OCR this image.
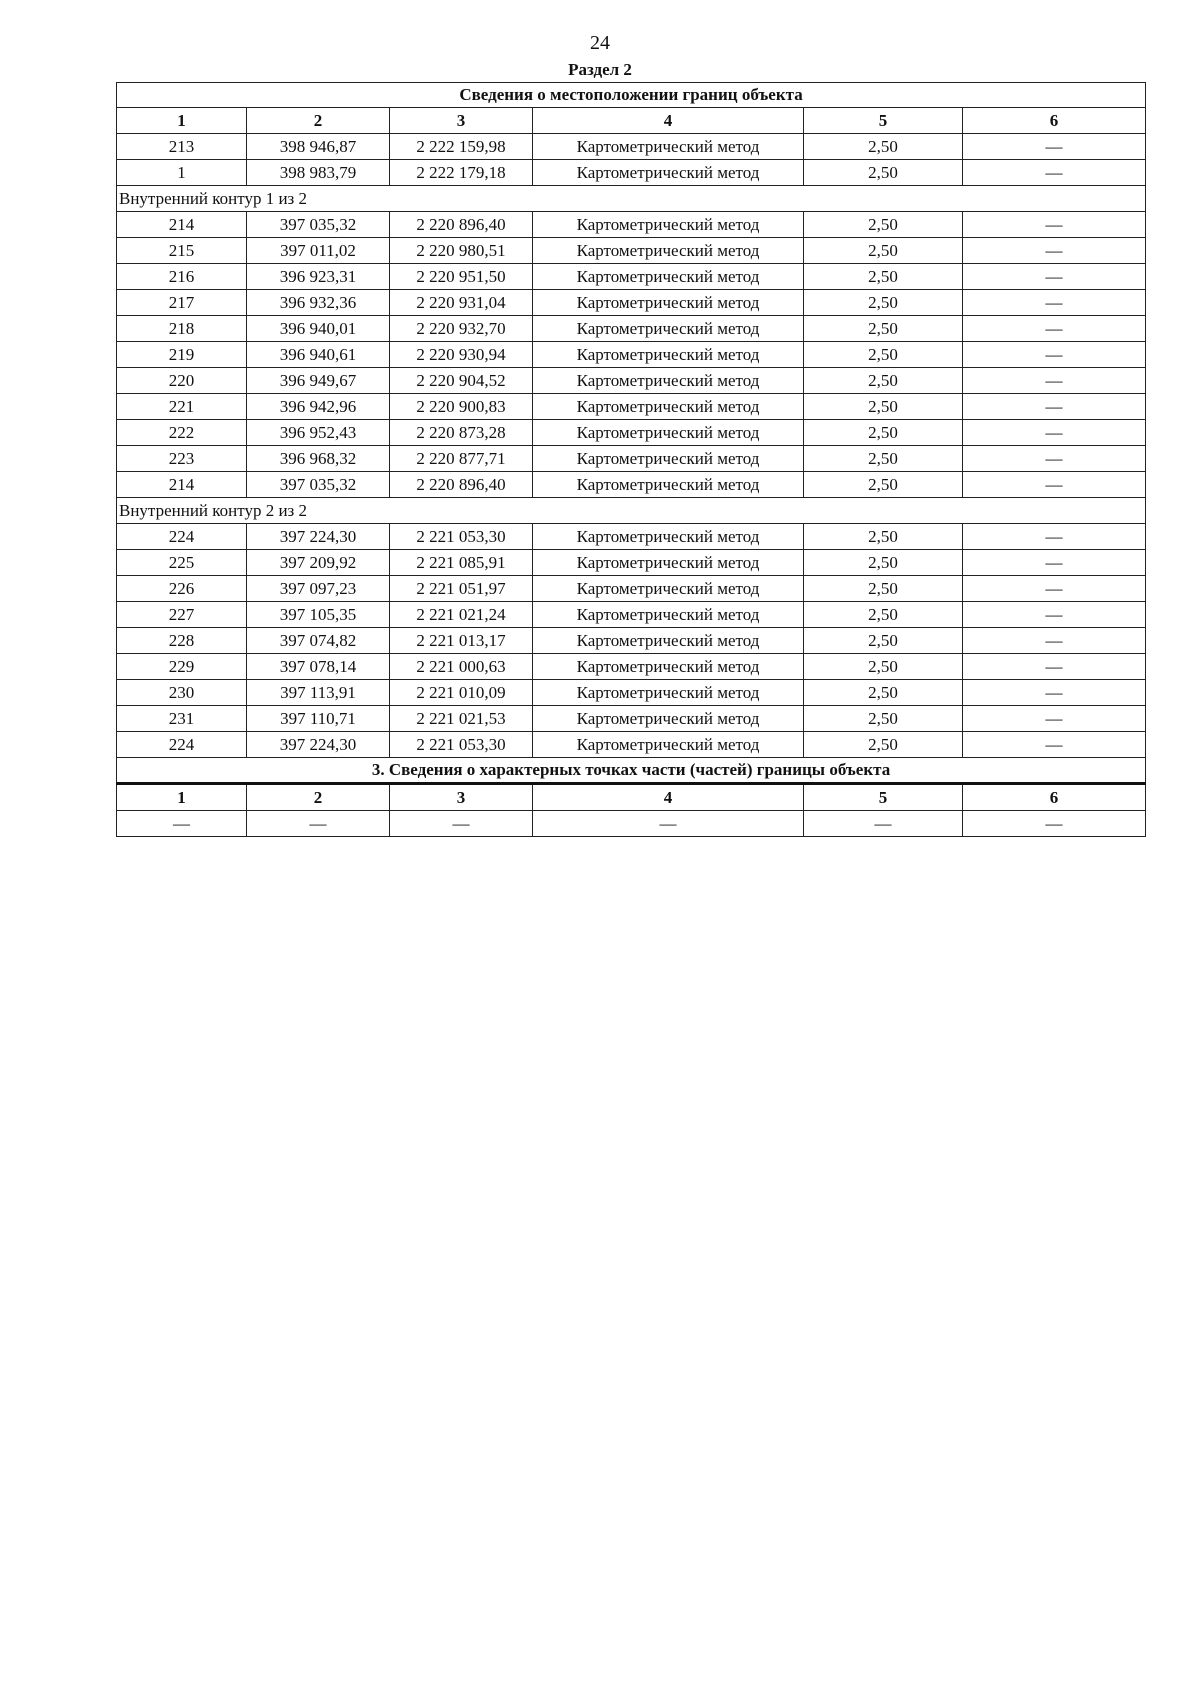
24
Раздел 2
Сведения о местоположении границ объекта					
1	2	3	4	5	6
213	398 946,87	2 222 159,98	Картометрический метод	2,50	—
1	398 983,79	2 222 179,18	Картометрический метод	2,50	—
Внутренний контур 1 из 2					
214	397 035,32	2 220 896,40	Картометрический метод	2,50	—
215	397 011,02	2 220 980,51	Картометрический метод	2,50	—
216	396 923,31	2 220 951,50	Картометрический метод	2,50	—
217	396 932,36	2 220 931,04	Картометрический метод	2,50	—
218	396 940,01	2 220 932,70	Картометрический метод	2,50	—
219	396 940,61	2 220 930,94	Картометрический метод	2,50	—
220	396 949,67	2 220 904,52	Картометрический метод	2,50	—
221	396 942,96	2 220 900,83	Картометрический метод	2,50	—
222	396 952,43	2 220 873,28	Картометрический метод	2,50	—
223	396 968,32	2 220 877,71	Картометрический метод	2,50	—
214	397 035,32	2 220 896,40	Картометрический метод	2,50	—
Внутренний контур 2 из 2					
224	397 224,30	2 221 053,30	Картометрический метод	2,50	—
225	397 209,92	2 221 085,91	Картометрический метод	2,50	—
226	397 097,23	2 221 051,97	Картометрический метод	2,50	—
227	397 105,35	2 221 021,24	Картометрический метод	2,50	—
228	397 074,82	2 221 013,17	Картометрический метод	2,50	—
229	397 078,14	2 221 000,63	Картометрический метод	2,50	—
230	397 113,91	2 221 010,09	Картометрический метод	2,50	—
231	397 110,71	2 221 021,53	Картометрический метод	2,50	—
224	397 224,30	2 221 053,30	Картометрический метод	2,50	—
3. Сведения о характерных точках части (частей) границы объекта					
1	2	3	4	5	6
—	—	—	—	—	—
